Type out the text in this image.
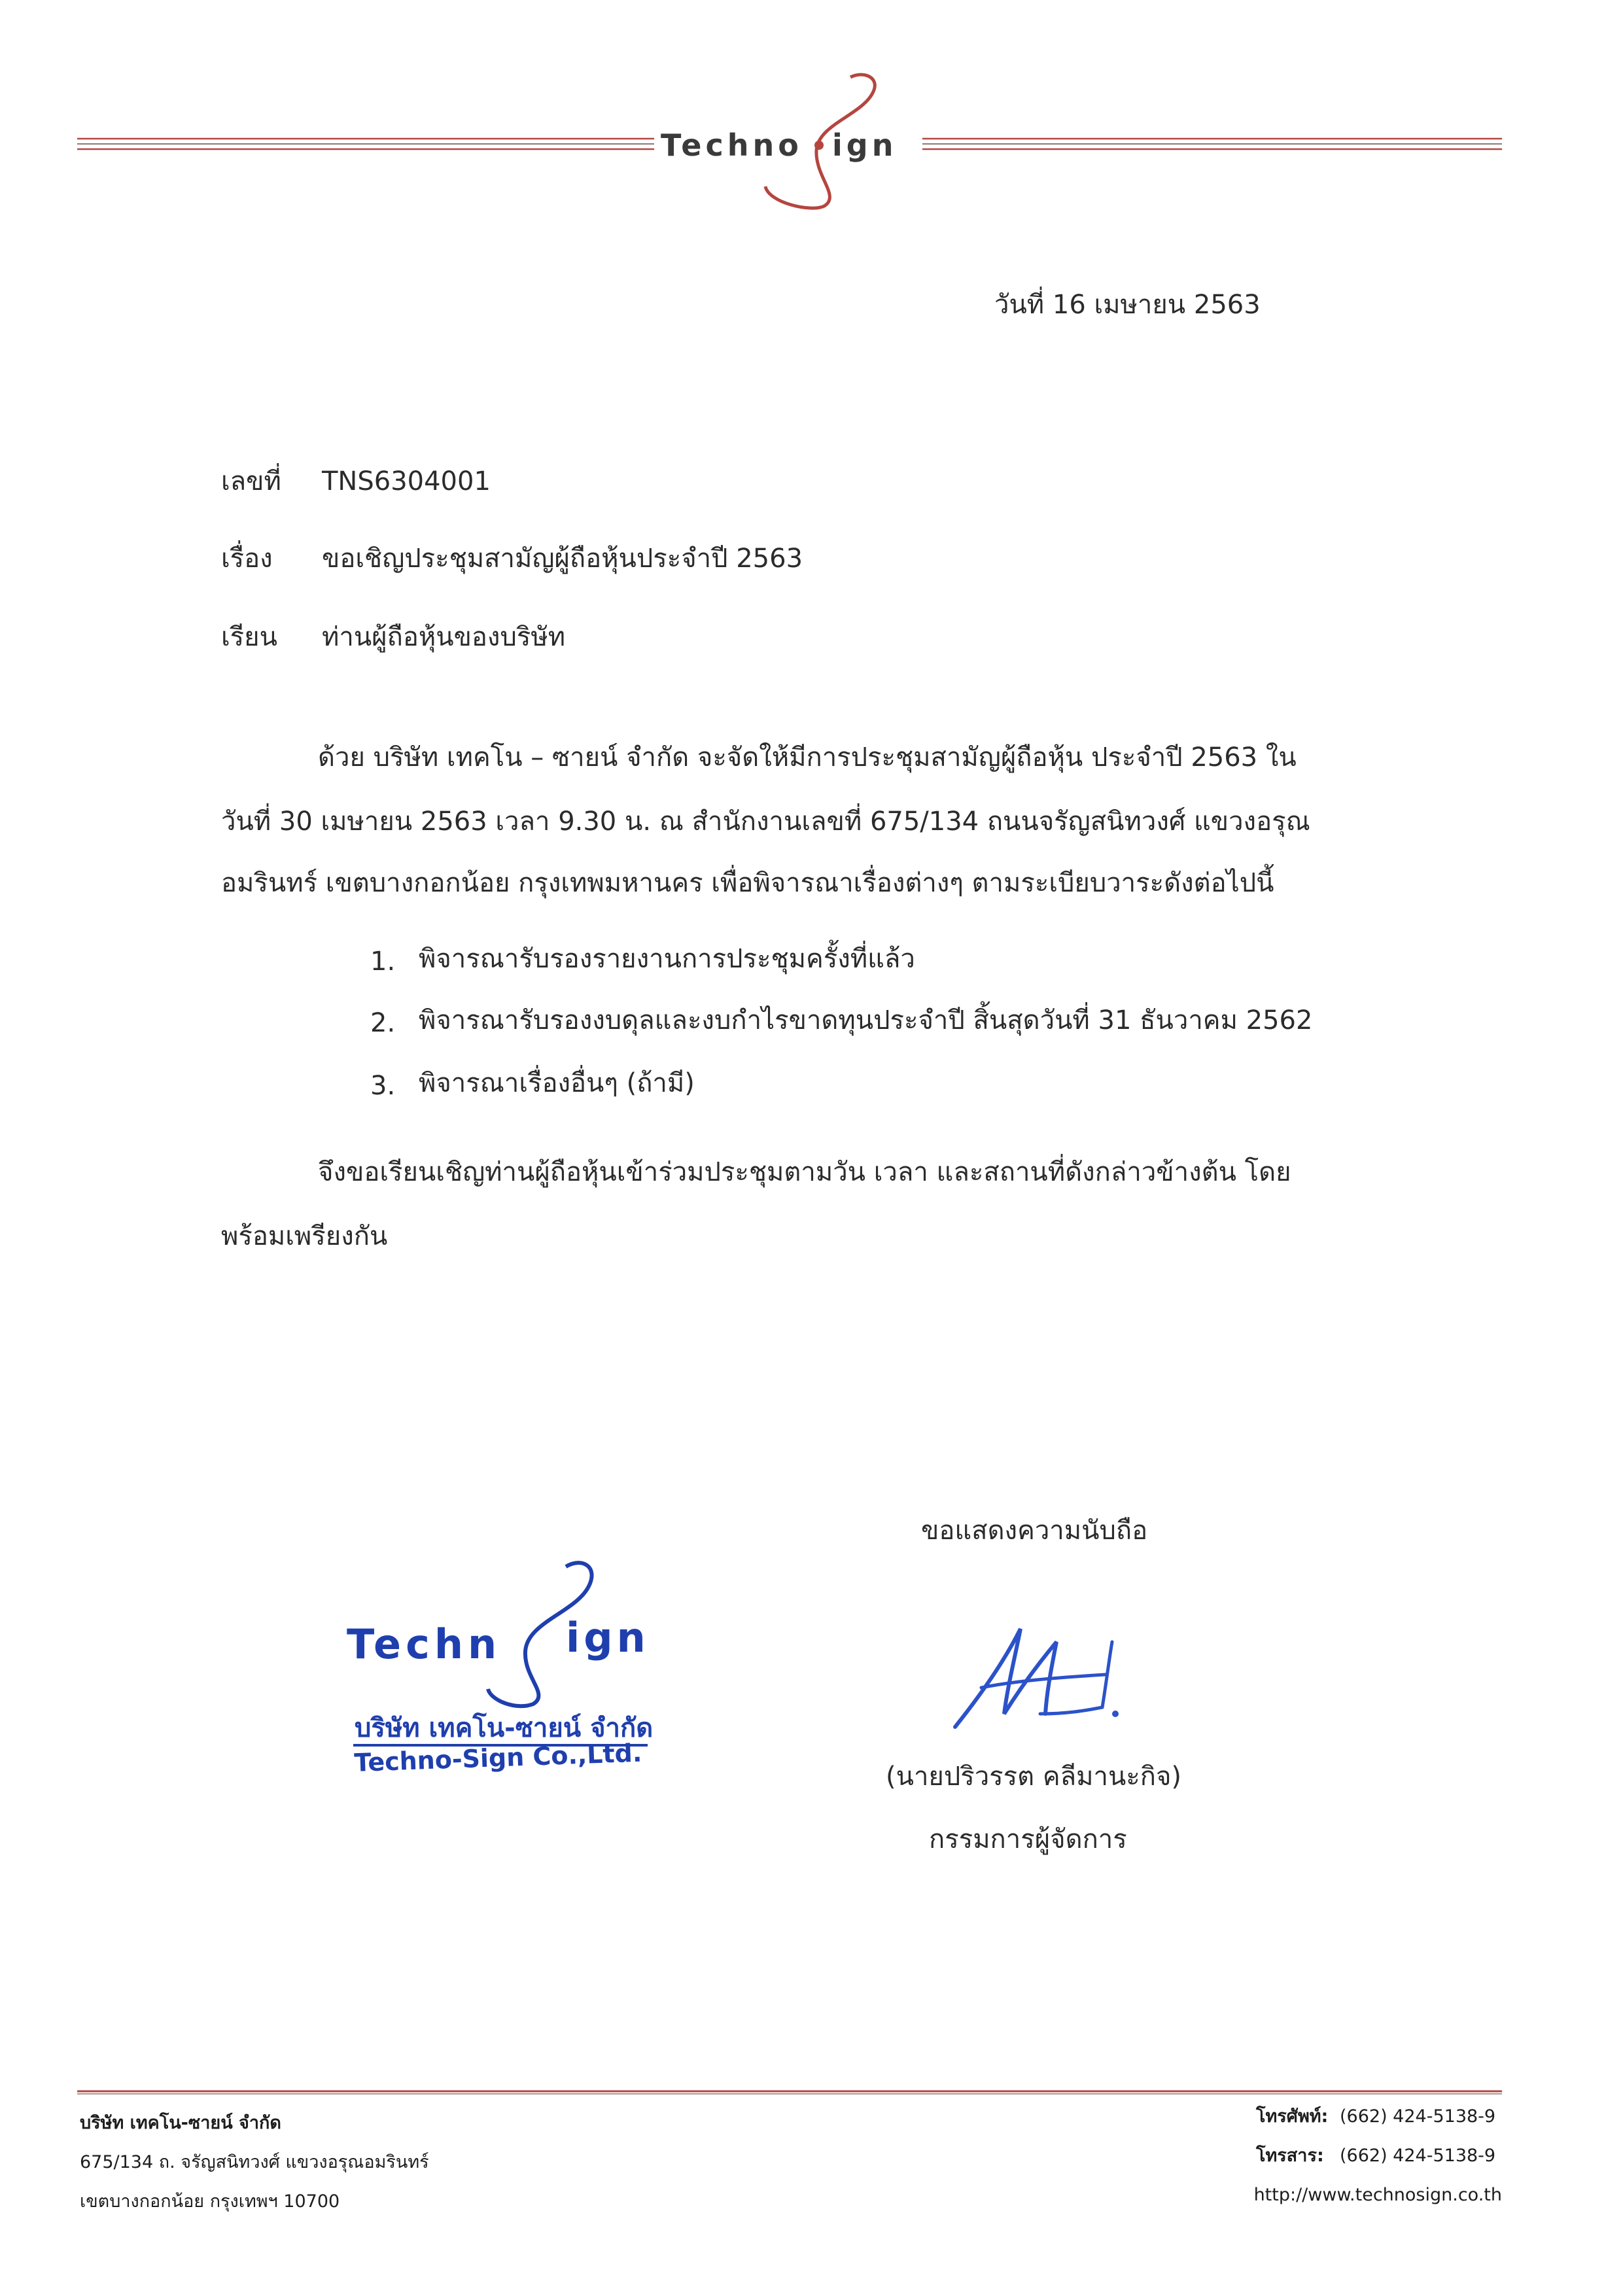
Techno ign
วันที่ 16 เมษายน 2563
เลขที่ TNS6304001
เรื่อง ขอเชิญประชุมสามัญผู้ถือหุ้นประจำปี 2563
เรียน ท่านผู้ถือหุ้นของบริษัท
ด้วย บริษัท เทคโน – ซายน์ จำกัด จะจัดให้มีการประชุมสามัญผู้ถือหุ้น ประจำปี 2563 ใน
วันที่ 30 เมษายน 2563 เวลา 9.30 น. ณ สำนักงานเลขที่ 675/134 ถนนจรัญสนิทวงศ์ แขวงอรุณ
อมรินทร์ เขตบางกอกน้อย กรุงเทพมหานคร เพื่อพิจารณาเรื่องต่างๆ ตามระเบียบวาระดังต่อไปนี้
1. พิจารณารับรองรายงานการประชุมครั้งที่แล้ว
2. พิจารณารับรองงบดุลและงบกำไรขาดทุนประจำปี สิ้นสุดวันที่ 31 ธันวาคม 2562
3. พิจารณาเรื่องอื่นๆ (ถ้ามี)
จึงขอเรียนเชิญท่านผู้ถือหุ้นเข้าร่วมประชุมตามวัน เวลา และสถานที่ดังกล่าวข้างต้น โดย
พร้อมเพรียงกัน
ขอแสดงความนับถือ
(นายปริวรรต คลีมานะกิจ)
กรรมการผู้จัดการ
Techn ign
บริษัท เทคโน-ซายน์ จำกัด
Techno-Sign Co.,Ltd.
บริษัท เทคโน-ซายน์ จำกัด
675/134 ถ. จรัญสนิทวงศ์ แขวงอรุณอมรินทร์
เขตบางกอกน้อย กรุงเทพฯ 10700
โทรศัพท์: (662) 424-5138-9
โทรสาร: (662) 424-5138-9
http://www.technosign.co.th
